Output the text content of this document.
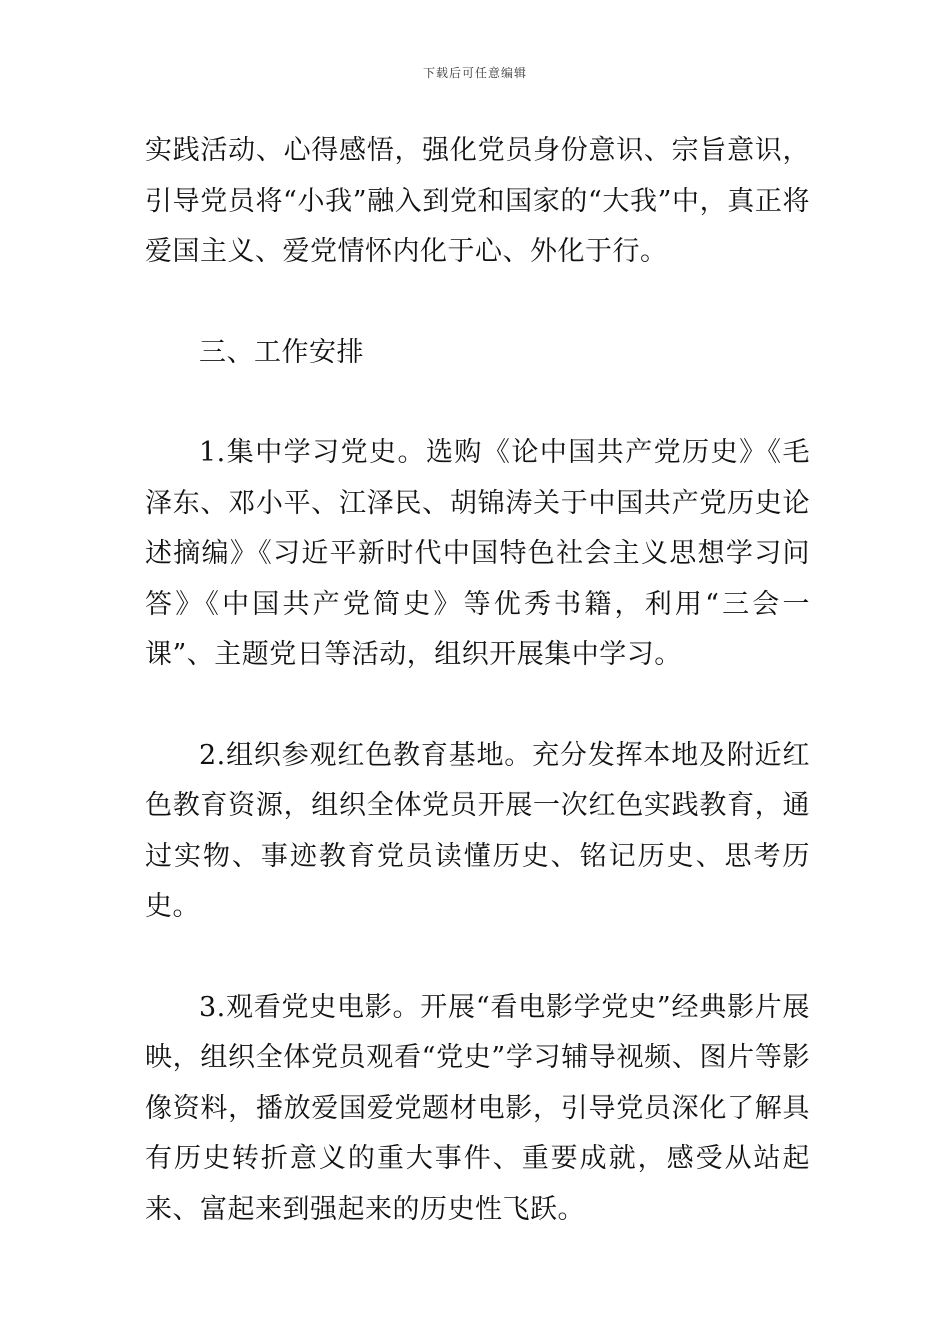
下载后可任意编辑

实践活动、心得感悟，强化党员身份意识、宗旨意识，引导党员将“小我”融入到党和国家的“大我”中，真正将爱国主义、爱党情怀内化于心、外化于行。

三、工作安排

1.集中学习党史。选购《论中国共产党历史》《毛泽东、邓小平、江泽民、胡锦涛关于中国共产党历史论述摘编》《习近平新时代中国特色社会主义思想学习问答》《中国共产党简史》等优秀书籍，利用“三会一课”、主题党日等活动，组织开展集中学习。

2.组织参观红色教育基地。充分发挥本地及附近红色教育资源，组织全体党员开展一次红色实践教育，通过实物、事迹教育党员读懂历史、铭记历史、思考历史。

3.观看党史电影。开展“看电影学党史”经典影片展映，组织全体党员观看“党史”学习辅导视频、图片等影像资料，播放爱国爱党题材电影，引导党员深化了解具有历史转折意义的重大事件、重要成就，感受从站起来、富起来到强起来的历史性飞跃。
